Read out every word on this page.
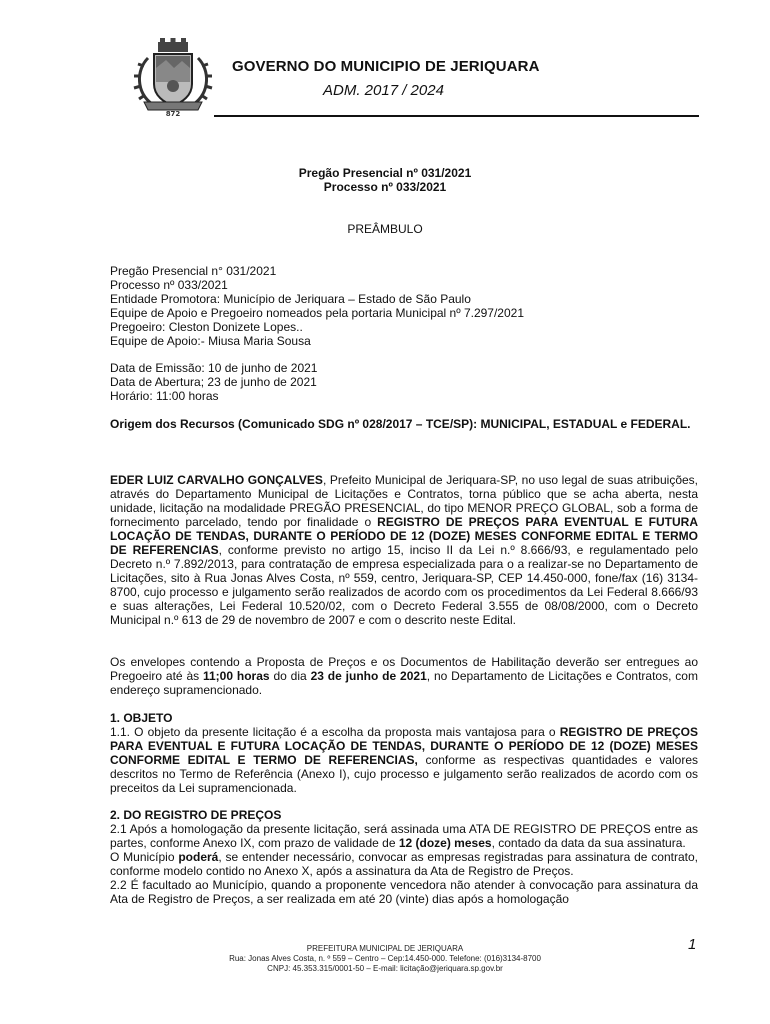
872
GOVERNO DO MUNICIPIO DE JERIQUARA
ADM. 2017 / 2024
Pregão Presencial nº 031/2021
Processo nº 033/2021
PREÂMBULO
Pregão Presencial n° 031/2021
Processo nº 033/2021
Entidade Promotora: Município de Jeriquara – Estado de São Paulo
Equipe de Apoio e Pregoeiro nomeados pela portaria Municipal nº 7.297/2021
Pregoeiro: Cleston Donizete Lopes..
Equipe de Apoio:- Miusa Maria Sousa
Data de Emissão: 10 de junho de 2021
Data de Abertura; 23 de junho de 2021
Horário: 11:00 horas
Origem dos Recursos (Comunicado SDG nº 028/2017 – TCE/SP): MUNICIPAL, ESTADUAL e FEDERAL.
EDER LUIZ CARVALHO GONÇALVES, Prefeito Municipal de Jeriquara-SP, no uso legal de suas atribuições, através do Departamento Municipal de Licitações e Contratos, torna público que se acha aberta, nesta unidade, licitação na modalidade PREGÃO PRESENCIAL, do tipo MENOR PREÇO GLOBAL, sob a forma de fornecimento parcelado, tendo por finalidade o REGISTRO DE PREÇOS PARA EVENTUAL E FUTURA LOCAÇÃO DE TENDAS, DURANTE O PERÍODO DE 12 (DOZE) MESES CONFORME EDITAL E TERMO DE REFERENCIAS, conforme previsto no artigo 15, inciso II da Lei n.º 8.666/93, e regulamentado pelo Decreto n.º 7.892/2013, para contratação de empresa especializada para o a realizar-se no Departamento de Licitações, sito à Rua Jonas Alves Costa, nº 559, centro, Jeriquara-SP, CEP 14.450-000, fone/fax (16) 3134-8700, cujo processo e julgamento serão realizados de acordo com os procedimentos da Lei Federal 8.666/93 e suas alterações, Lei Federal 10.520/02, com o Decreto Federal 3.555 de 08/08/2000, com o Decreto Municipal n.º 613 de 29 de novembro de 2007 e com o descrito neste Edital.
Os envelopes contendo a Proposta de Preços e os Documentos de Habilitação deverão ser entregues ao Pregoeiro até às 11;00 horas do dia 23 de junho de 2021, no Departamento de Licitações e Contratos, com endereço supramencionado.
1. OBJETO
1.1. O objeto da presente licitação é a escolha da proposta mais vantajosa para o REGISTRO DE PREÇOS PARA EVENTUAL E FUTURA LOCAÇÃO DE TENDAS, DURANTE O PERÍODO DE 12 (DOZE) MESES CONFORME EDITAL E TERMO DE REFERENCIAS, conforme as respectivas quantidades e valores descritos no Termo de Referência (Anexo I), cujo processo e julgamento serão realizados de acordo com os preceitos da Lei supramencionada.
2. DO REGISTRO DE PREÇOS
2.1 Após a homologação da presente licitação, será assinada uma ATA DE REGISTRO DE PREÇOS entre as partes, conforme Anexo IX, com prazo de validade de 12 (doze) meses, contado da data da sua assinatura.
O Município poderá, se entender necessário, convocar as empresas registradas para assinatura de contrato, conforme modelo contido no Anexo X, após a assinatura da Ata de Registro de Preços.
2.2 É facultado ao Município, quando a proponente vencedora não atender à convocação para assinatura da Ata de Registro de Preços, a ser realizada em até 20 (vinte) dias após a homologação
1
PREFEITURA MUNICIPAL DE JERIQUARA
Rua: Jonas Alves Costa, n. º 559 – Centro – Cep:14.450-000. Telefone: (016)3134-8700
CNPJ: 45.353.315/0001-50 – E-mail: licitação@jeriquara.sp.gov.br
